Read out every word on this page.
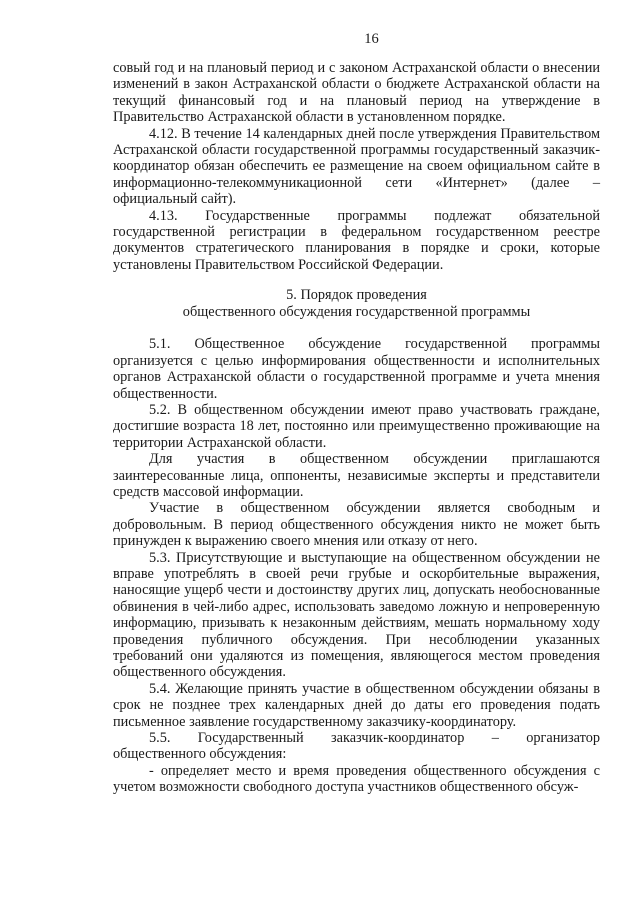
16

совый год и на плановый период и с законом Астраханской области о внесении изменений в закон Астраханской области о бюджете Астраханской области на текущий финансовый год и на плановый период на утверждение в Правительство Астраханской области в установленном порядке.

4.12. В течение 14 календарных дней после утверждения Правительством Астраханской области государственной программы государственный заказчик-координатор обязан обеспечить ее размещение на своем официальном сайте в информационно-телекоммуникационной сети «Интернет» (далее – официальный сайт).

4.13. Государственные программы подлежат обязательной государственной регистрации в федеральном государственном реестре документов стратегического планирования в порядке и сроки, которые установлены Правительством Российской Федерации.

5. Порядок проведения
общественного обсуждения государственной программы

5.1. Общественное обсуждение государственной программы организуется с целью информирования общественности и исполнительных органов Астраханской области о государственной программе и учета мнения общественности.

5.2. В общественном обсуждении имеют право участвовать граждане, достигшие возраста 18 лет, постоянно или преимущественно проживающие на территории Астраханской области.

Для участия в общественном обсуждении приглашаются заинтересованные лица, оппоненты, независимые эксперты и представители средств массовой информации.

Участие в общественном обсуждении является свободным и добровольным. В период общественного обсуждения никто не может быть принужден к выражению своего мнения или отказу от него.

5.3. Присутствующие и выступающие на общественном обсуждении не вправе употреблять в своей речи грубые и оскорбительные выражения, наносящие ущерб чести и достоинству других лиц, допускать необоснованные обвинения в чей-либо адрес, использовать заведомо ложную и непроверенную информацию, призывать к незаконным действиям, мешать нормальному ходу проведения публичного обсуждения. При несоблюдении указанных требований они удаляются из помещения, являющегося местом проведения общественного обсуждения.

5.4. Желающие принять участие в общественном обсуждении обязаны в срок не позднее трех календарных дней до даты его проведения подать письменное заявление государственному заказчику-координатору.

5.5. Государственный заказчик-координатор – организатор общественного обсуждения:

- определяет место и время проведения общественного обсуждения с учетом возможности свободного доступа участников общественного обсуж-
